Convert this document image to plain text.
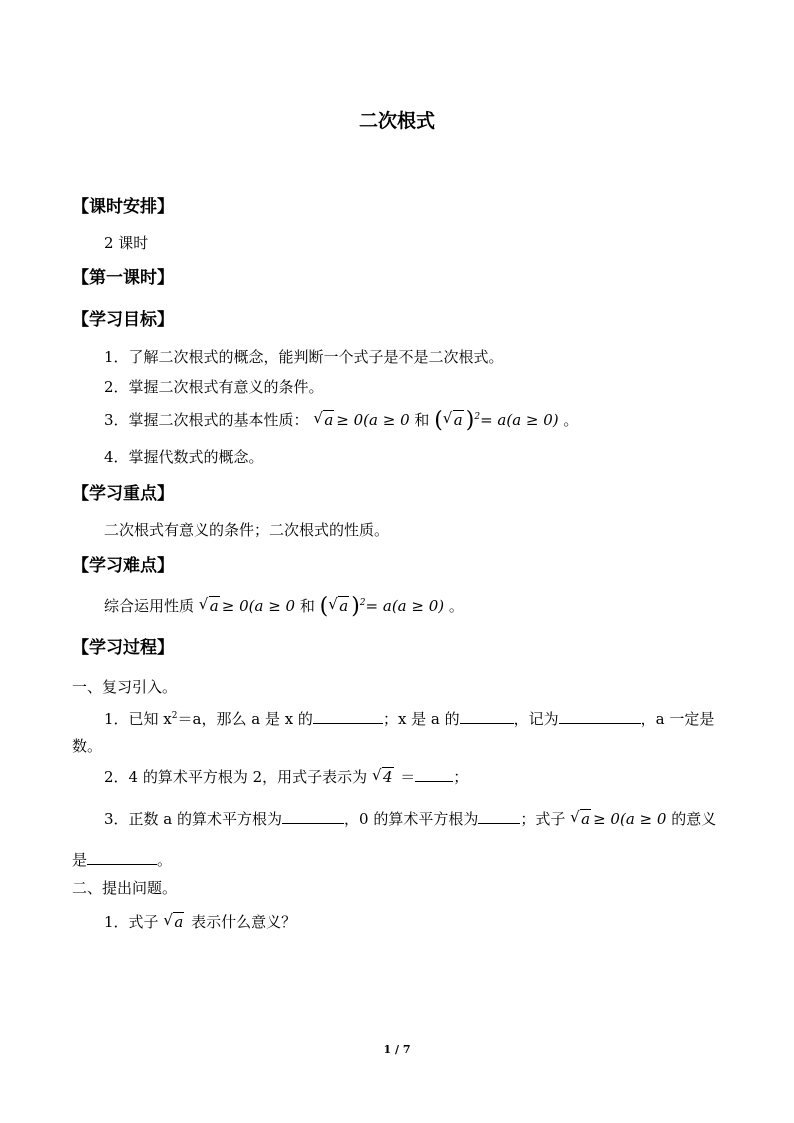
二次根式
【课时安排】
2 课时
【第一课时】
【学习目标】
1．了解二次根式的概念，能判断一个式子是不是二次根式。
2．掌握二次根式有意义的条件。
3．掌握二次根式的基本性质： √ a ≥ 0(a ≥ 0 和 ( √ a )$^2$= a(a ≥ 0) 。
4．掌握代数式的概念。
【学习重点】
二次根式有意义的条件；二次根式的性质。
【学习难点】
综合运用性质 √ a ≥ 0(a ≥ 0 和 ( √ a )$^2$= a(a ≥ 0) 。
【学习过程】
一、复习引入。
1．已知 $x^2=a$，那么 a 是 x 的	；x 是 a 的	，记为	，a 一定是
数。
2．4 的算术平方根为 2，用式子表示为 √ 4 ＝	；
3．正数 a 的算术平方根为	，0 的算术平方根为	；式子 √ a ≥ 0(a ≥ 0 的意义
是	。
二、提出问题。
1．式子 √ a 表示什么意义？
1 / 7
